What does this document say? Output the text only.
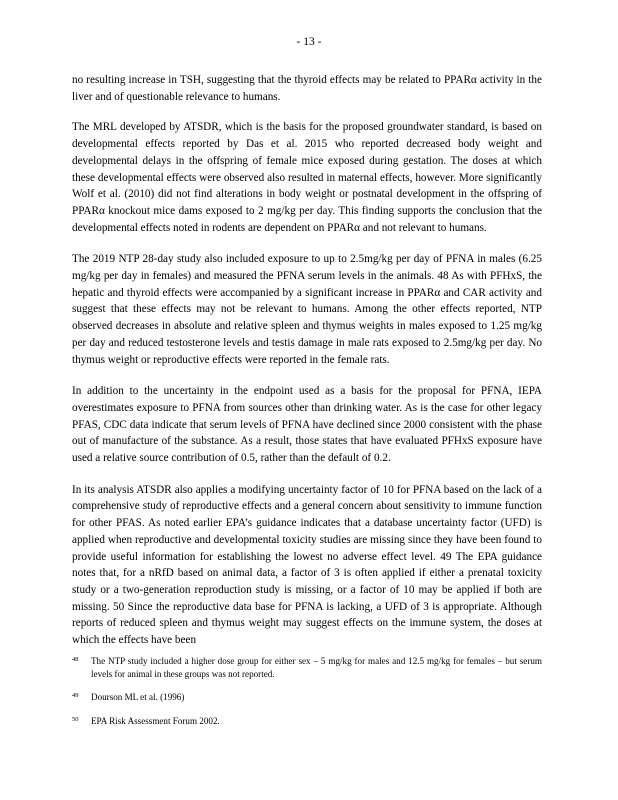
- 13 -

no resulting increase in TSH, suggesting that the thyroid effects may be related to PPARα activity in the liver and of questionable relevance to humans.

The MRL developed by ATSDR, which is the basis for the proposed groundwater standard, is based on developmental effects reported by Das et al. 2015 who reported decreased body weight and developmental delays in the offspring of female mice exposed during gestation. The doses at which these developmental effects were observed also resulted in maternal effects, however. More significantly Wolf et al. (2010) did not find alterations in body weight or postnatal development in the offspring of PPARα knockout mice dams exposed to 2 mg/kg per day. This finding supports the conclusion that the developmental effects noted in rodents are dependent on PPARα and not relevant to humans.

The 2019 NTP 28-day study also included exposure to up to 2.5mg/kg per day of PFNA in males (6.25 mg/kg per day in females) and measured the PFNA serum levels in the animals. 48 As with PFHxS, the hepatic and thyroid effects were accompanied by a significant increase in PPARα and CAR activity and suggest that these effects may not be relevant to humans. Among the other effects reported, NTP observed decreases in absolute and relative spleen and thymus weights in males exposed to 1.25 mg/kg per day and reduced testosterone levels and testis damage in male rats exposed to 2.5mg/kg per day. No thymus weight or reproductive effects were reported in the female rats.

In addition to the uncertainty in the endpoint used as a basis for the proposal for PFNA, IEPA overestimates exposure to PFNA from sources other than drinking water. As is the case for other legacy PFAS, CDC data indicate that serum levels of PFNA have declined since 2000 consistent with the phase out of manufacture of the substance. As a result, those states that have evaluated PFHxS exposure have used a relative source contribution of 0.5, rather than the default of 0.2.

In its analysis ATSDR also applies a modifying uncertainty factor of 10 for PFNA based on the lack of a comprehensive study of reproductive effects and a general concern about sensitivity to immune function for other PFAS. As noted earlier EPA’s guidance indicates that a database uncertainty factor (UFD) is applied when reproductive and developmental toxicity studies are missing since they have been found to provide useful information for establishing the lowest no adverse effect level. 49 The EPA guidance notes that, for a nRfD based on animal data, a factor of 3 is often applied if either a prenatal toxicity study or a two-generation reproduction study is missing, or a factor of 10 may be applied if both are missing. 50 Since the reproductive data base for PFNA is lacking, a UFD of 3 is appropriate. Although reports of reduced spleen and thymus weight may suggest effects on the immune system, the doses at which the effects have been

48	The NTP study included a higher dose group for either sex – 5 mg/kg for males and 12.5 mg/kg for females – but serum levels for animal in these groups was not reported.
49	Dourson ML et al. (1996)
50	EPA Risk Assessment Forum 2002.
